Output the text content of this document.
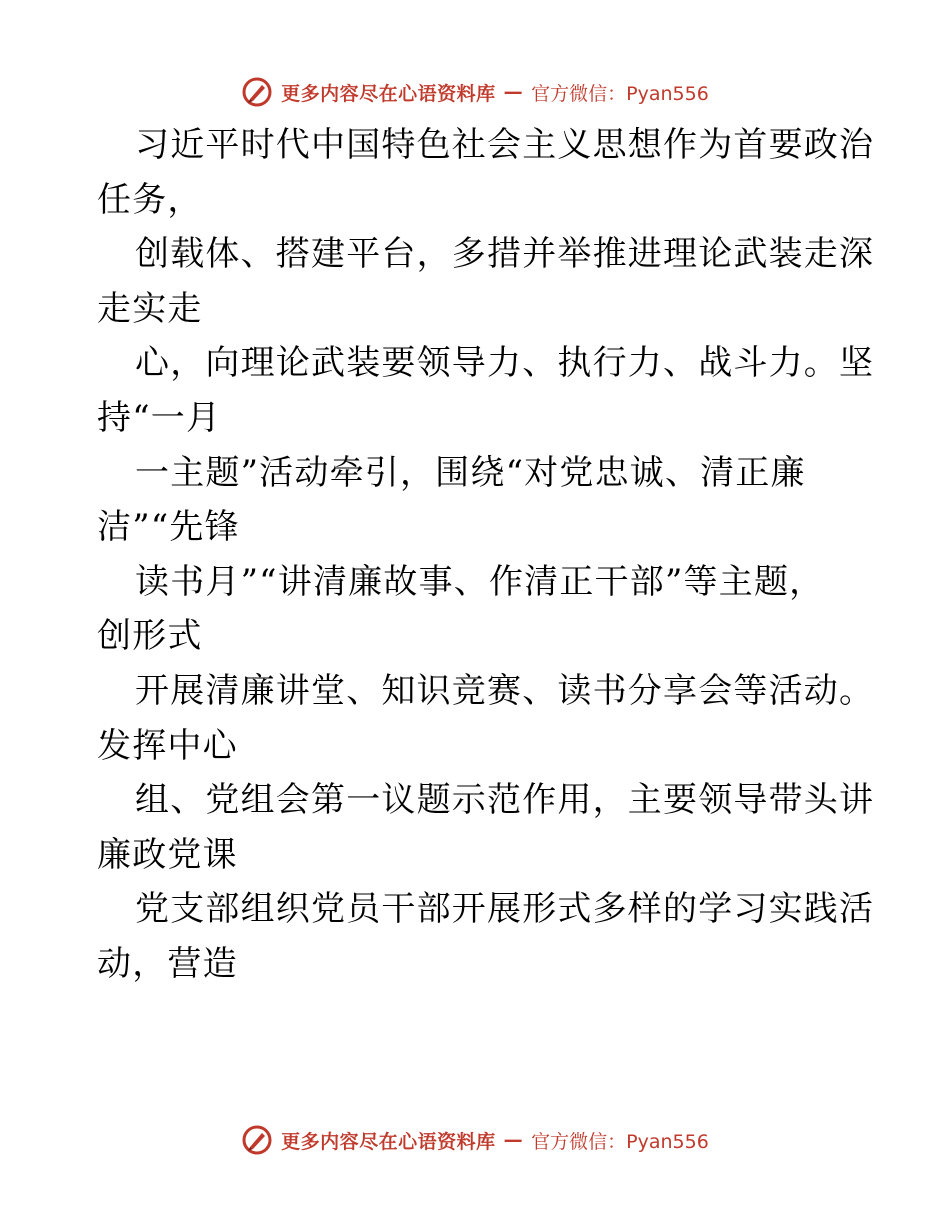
更多内容尽在心语资料库 — 官方微信：Pyan556
习近平时代中国特色社会主义思想作为首要政治
任务，
创载体、搭建平台，多措并举推进理论武装走深
走实走
心，向理论武装要领导力、执行力、战斗力。坚
持“一月
一主题”活动牵引，围绕“对党忠诚、清正廉
洁”“先锋
读书月”“讲清廉故事、作清正干部”等主题，
创形式
开展清廉讲堂、知识竞赛、读书分享会等活动。
发挥中心
组、党组会第一议题示范作用，主要领导带头讲
廉政党课
党支部组织党员干部开展形式多样的学习实践活
动，营造
更多内容尽在心语资料库 — 官方微信：Pyan556
